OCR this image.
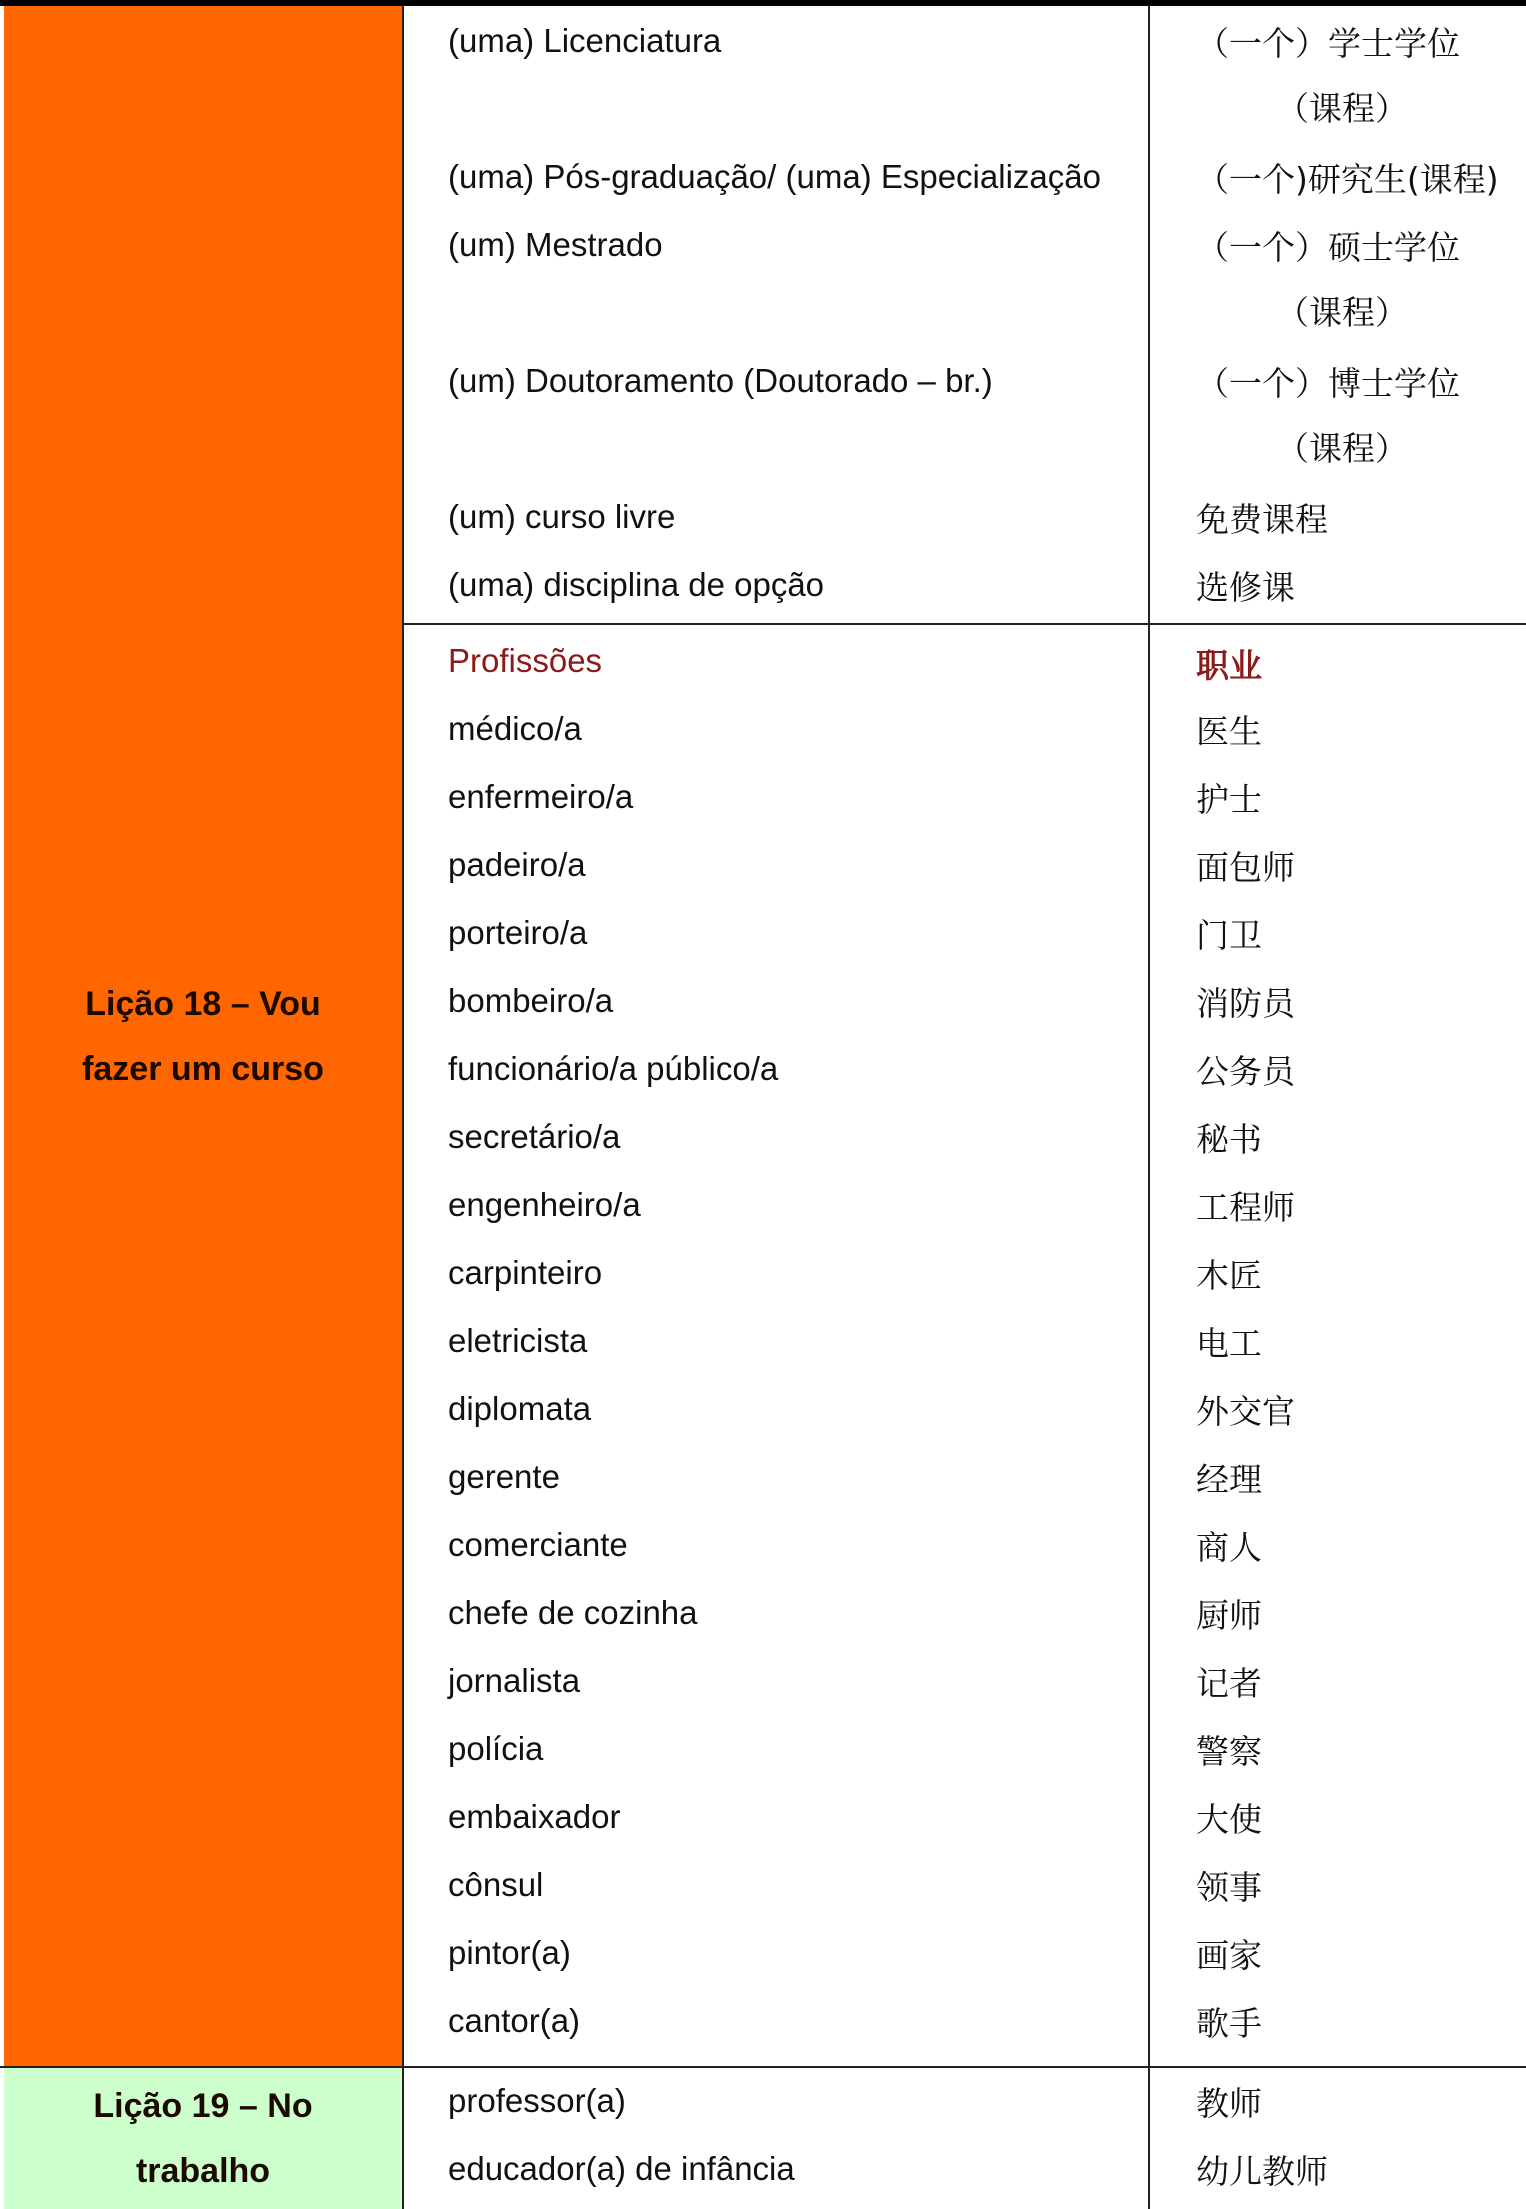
Lição 18 – Vou fazer um curso
Lição 19 – No trabalho
(uma) Licenciatura	（一个）学士学位
（课程）
(uma) Pós-graduação/ (uma) Especialização	（一个)研究生(课程)
(um) Mestrado	（一个）硕士学位
（课程）
(um) Doutoramento (Doutorado – br.)	（一个）博士学位
（课程）
(um) curso livre	免费课程
(uma) disciplina de opção	选修课
Profissões	职业
médico/a	医生
enfermeiro/a	护士
padeiro/a	面包师
porteiro/a	门卫
bombeiro/a	消防员
funcionário/a público/a	公务员
secretário/a	秘书
engenheiro/a	工程师
carpinteiro	木匠
eletricista	电工
diplomata	外交官
gerente	经理
comerciante	商人
chefe de cozinha	厨师
jornalista	记者
polícia	警察
embaixador	大使
cônsul	领事
pintor(a)	画家
cantor(a)	歌手
professor(a)	教师
educador(a) de infância	幼儿教师
